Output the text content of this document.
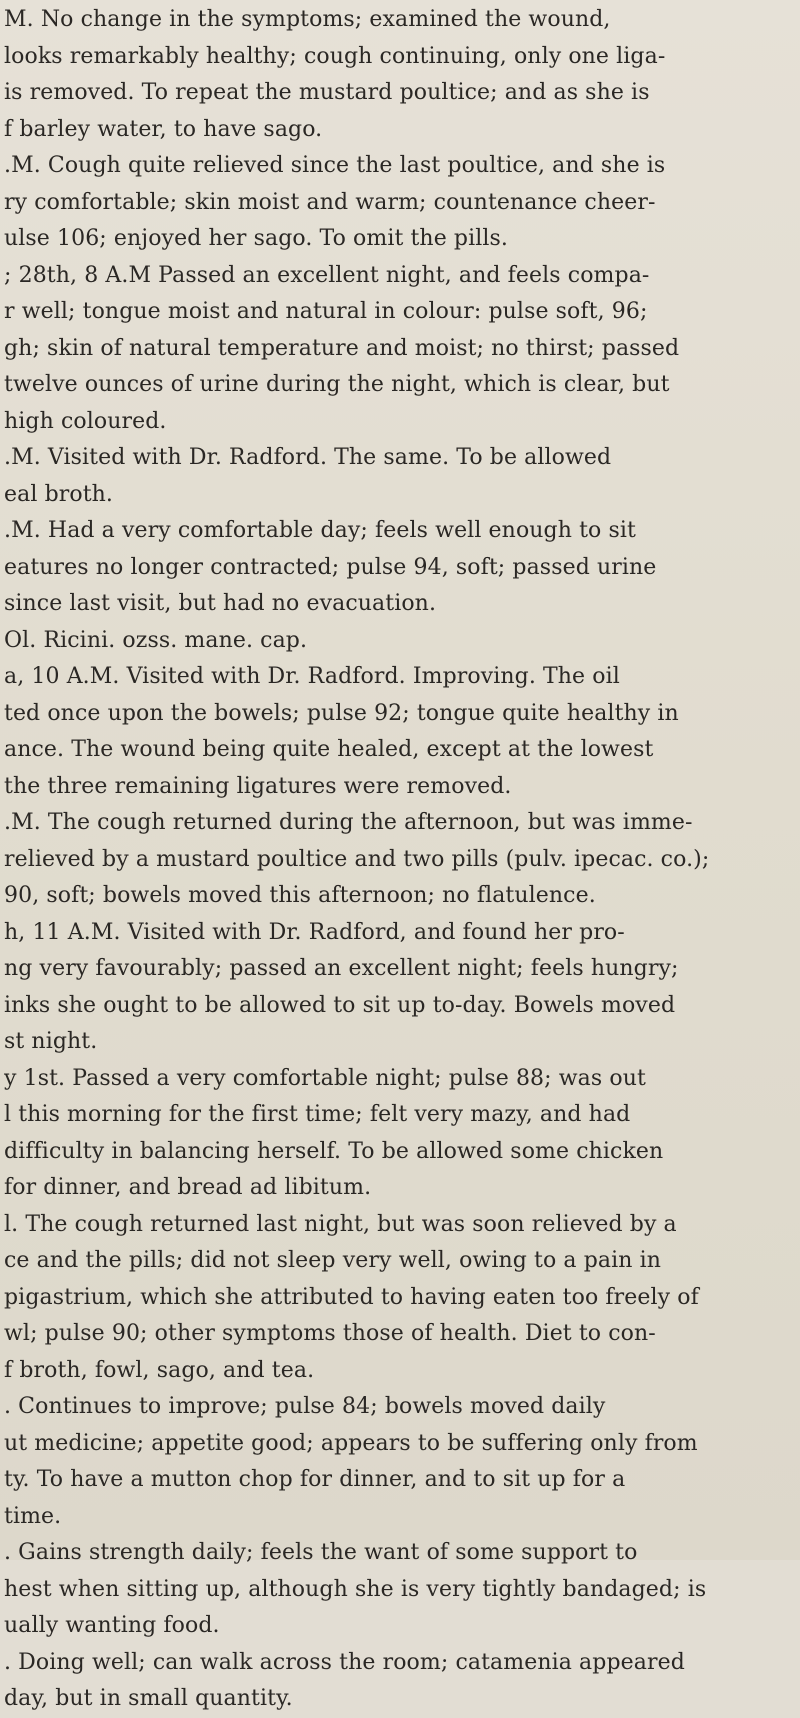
M. No change in the symptoms; examined the wound,
looks remarkably healthy; cough continuing, only one liga-
is removed. To repeat the mustard poultice; and as she is
f barley water, to have sago.
.M. Cough quite relieved since the last poultice, and she is
ry comfortable; skin moist and warm; countenance cheer-
ulse 106; enjoyed her sago. To omit the pills.
; 28th, 8 A.M Passed an excellent night, and feels compa-
r well; tongue moist and natural in colour: pulse soft, 96;
gh; skin of natural temperature and moist; no thirst; passed
twelve ounces of urine during the night, which is clear, but
high coloured.
.M. Visited with Dr. Radford. The same. To be allowed
eal broth.
.M. Had a very comfortable day; feels well enough to sit
eatures no longer contracted; pulse 94, soft; passed urine
since last visit, but had no evacuation.
Ol. Ricini. ozss. mane. cap.
a, 10 A.M. Visited with Dr. Radford. Improving. The oil
ted once upon the bowels; pulse 92; tongue quite healthy in
ance. The wound being quite healed, except at the lowest
the three remaining ligatures were removed.
.M. The cough returned during the afternoon, but was imme-
relieved by a mustard poultice and two pills (pulv. ipecac. co.);
90, soft; bowels moved this afternoon; no flatulence.
h, 11 A.M. Visited with Dr. Radford, and found her pro-
ng very favourably; passed an excellent night; feels hungry;
inks she ought to be allowed to sit up to-day. Bowels moved
st night.
y 1st. Passed a very comfortable night; pulse 88; was out
l this morning for the first time; felt very mazy, and had
difficulty in balancing herself. To be allowed some chicken
for dinner, and bread ad libitum.
l. The cough returned last night, but was soon relieved by a
ce and the pills; did not sleep very well, owing to a pain in
pigastrium, which she attributed to having eaten too freely of
wl; pulse 90; other symptoms those of health. Diet to con-
f broth, fowl, sago, and tea.
. Continues to improve; pulse 84; bowels moved daily
ut medicine; appetite good; appears to be suffering only from
ty. To have a mutton chop for dinner, and to sit up for a
time.
. Gains strength daily; feels the want of some support to
hest when sitting up, although she is very tightly bandaged; is
ually wanting food.
. Doing well; can walk across the room; catamenia appeared
day, but in small quantity.
